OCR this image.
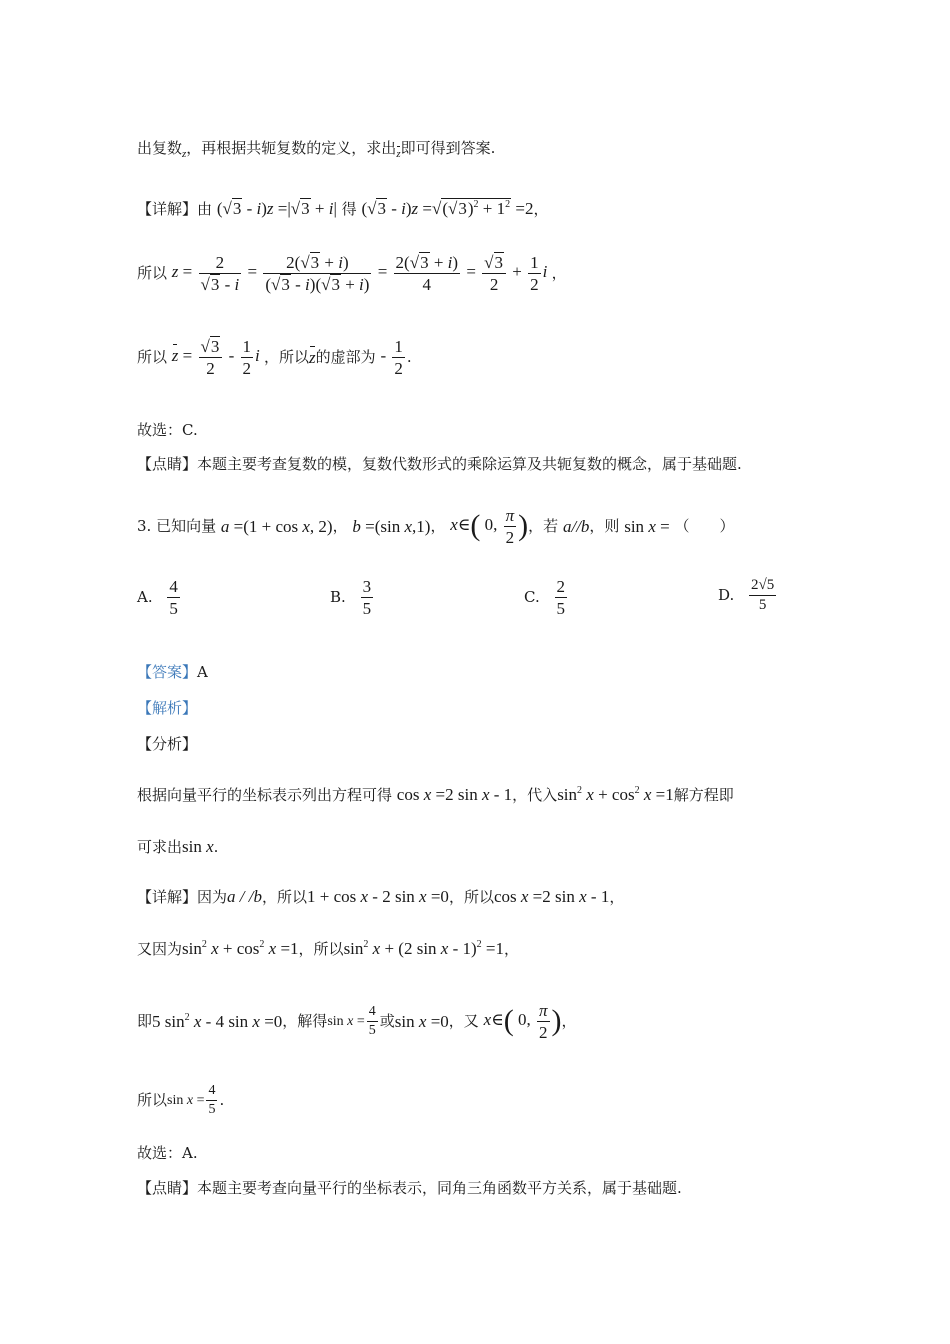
出复数$_z$，再根据共轭复数的定义，求出z即可得到答案.
【详解】由 (√3 - i)z =|√3 + i| 得 $(√3 - i)z =√(√3)^2 + 1^2 =2$，
所以 $z = \frac{2}{√3 - i} = \frac{2(√3 + i)}{(√3 - i)(√3 + i)} = \frac{2(√3 + i)}{4} = \frac{√3}{2} + \frac{1}{2}$ i ，
所以 $z = \frac{√3}{2} - \frac{1}{2}$ i ，所以z的虚部为 - $\frac{1}{2}$ .
故选：C.
【点睛】本题主要考查复数的模，复数代数形式的乘除运算及共轭复数的概念，属于基础题.
3. 已知向量 a =(1 + cos x, 2)， b =(sin x,1)， x∈( 0, $\frac{\pi}{2}$ )，若 a//b，则 sin x = （　　）
A. $\frac{4}{5}$	B. $\frac{3}{5}$	C. $\frac{2}{5}$	D. $\frac{2√5}{5}$
【答案】A
【解析】
【分析】
根据向量平行的坐标表示列出方程可得 cos x =2 sin x - 1，代入$\sin^2 x + \cos^2 x =1$解方程即
可求出sin x.
【详解】因为a / /b，所以1 + cos x - 2 sin x =0，所以cos x =2 sin x - 1，
又因为$\sin^2 x + \cos^2 x =1$，所以$\sin^2 x + (2$ sin x - 1)$^2$ =1，
即5 $\sin^2 x - 4$ sin x =0，解得$\sin x = \frac{4}{5}$ 或sin x =0，又 x∈( 0, $\frac{\pi}{2}$ )，
所以$\sin x = \frac{4}{5}$ .
故选：A.
【点睛】本题主要考查向量平行的坐标表示，同角三角函数平方关系，属于基础题.
